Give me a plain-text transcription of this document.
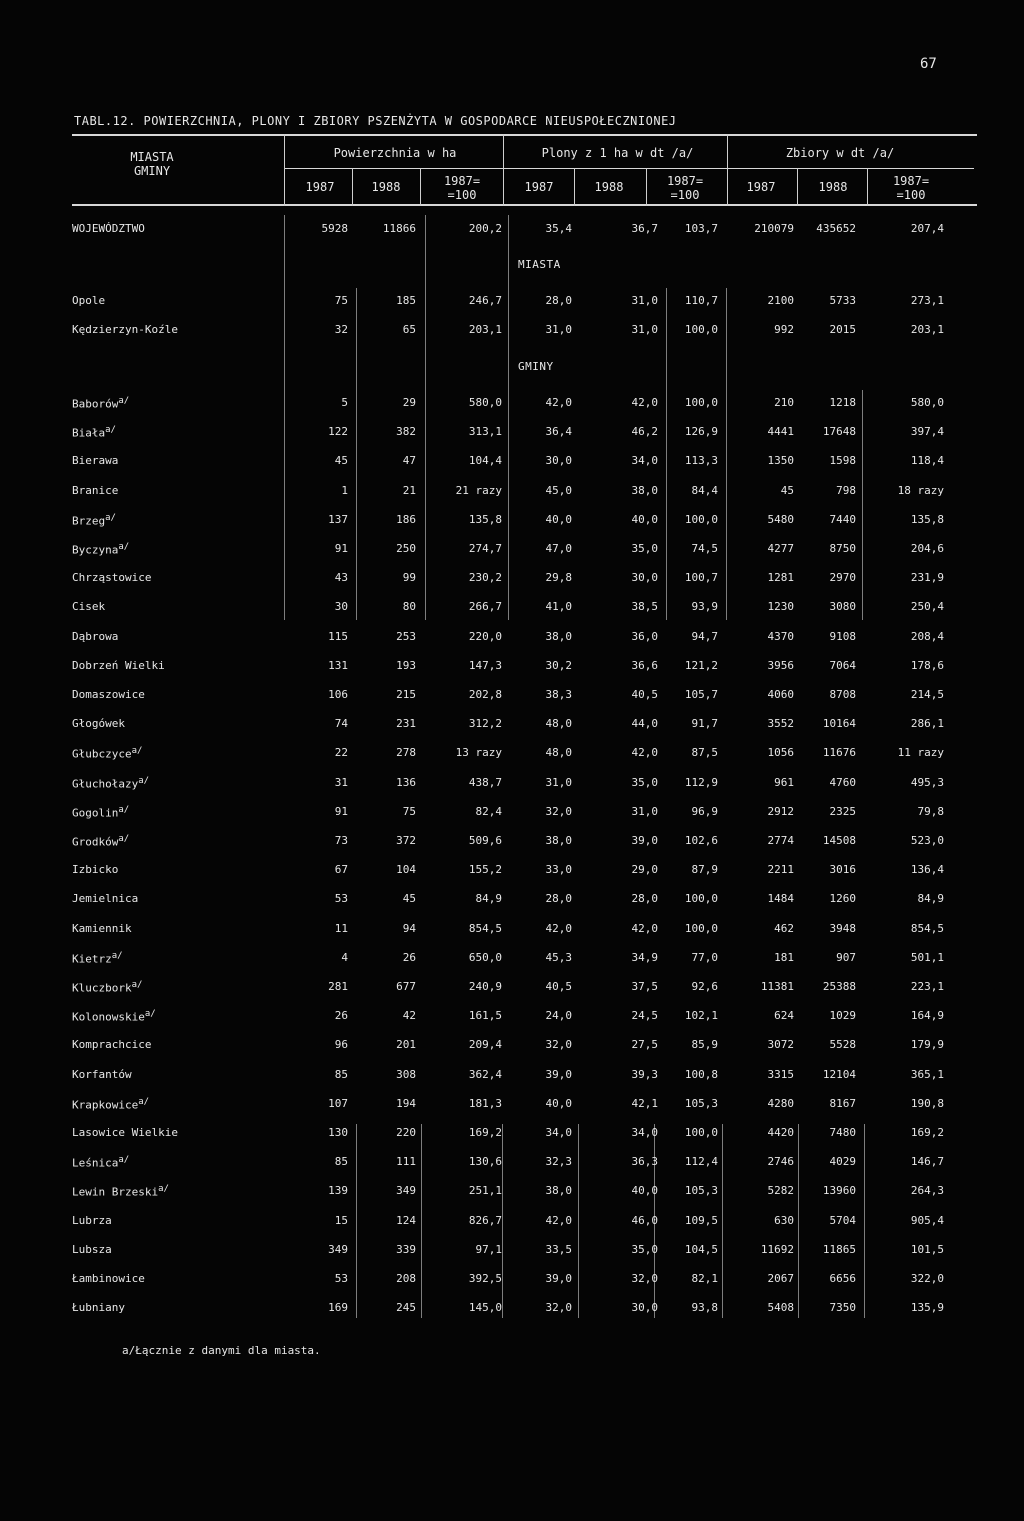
67
TABL.12. POWIERZCHNIA, PLONY I ZBIORY PSZENŻYTA W GOSPODARCE NIEUSPOŁECZNIONEJ
MIASTA
GMINY
Powierzchnia w ha	Plony z 1 ha w dt /a/	Zbiory w dt /a/
1987	1988	1987=
=100
1987	1988	1987=
=100
1987	1988	1987=
=100
WOJEWÓDZTWO	5928	11866	200,2	35,4	36,7	103,7	210079	435652	207,4
MIASTA
Opole	75	185	246,7	28,0	31,0	110,7	2100	5733	273,1
Kędzierzyn-Koźle	32	65	203,1	31,0	31,0	100,0	992	2015	203,1
GMINY
Baborów$^{a/}$	5	29	580,0	42,0	42,0	100,0	210	1218	580,0
Biała$^{a/}$	122	382	313,1	36,4	46,2	126,9	4441	17648	397,4
Bierawa	45	47	104,4	30,0	34,0	113,3	1350	1598	118,4
Branice	1	21	21 razy	45,0	38,0	84,4	45	798	18 razy
Brzeg$^{a/}$	137	186	135,8	40,0	40,0	100,0	5480	7440	135,8
Byczyna$^{a/}$	91	250	274,7	47,0	35,0	74,5	4277	8750	204,6
Chrząstowice	43	99	230,2	29,8	30,0	100,7	1281	2970	231,9
Cisek	30	80	266,7	41,0	38,5	93,9	1230	3080	250,4
Dąbrowa	115	253	220,0	38,0	36,0	94,7	4370	9108	208,4
Dobrzeń Wielki	131	193	147,3	30,2	36,6	121,2	3956	7064	178,6
Domaszowice	106	215	202,8	38,3	40,5	105,7	4060	8708	214,5
Głogówek	74	231	312,2	48,0	44,0	91,7	3552	10164	286,1
Głubczyce$^{a/}$	22	278	13 razy	48,0	42,0	87,5	1056	11676	11 razy
Głuchołazy$^{a/}$	31	136	438,7	31,0	35,0	112,9	961	4760	495,3
Gogolin$^{a/}$	91	75	82,4	32,0	31,0	96,9	2912	2325	79,8
Grodków$^{a/}$	73	372	509,6	38,0	39,0	102,6	2774	14508	523,0
Izbicko	67	104	155,2	33,0	29,0	87,9	2211	3016	136,4
Jemielnica	53	45	84,9	28,0	28,0	100,0	1484	1260	84,9
Kamiennik	11	94	854,5	42,0	42,0	100,0	462	3948	854,5
Kietrz$^{a/}$	4	26	650,0	45,3	34,9	77,0	181	907	501,1
Kluczbork$^{a/}$	281	677	240,9	40,5	37,5	92,6	11381	25388	223,1
Kolonowskie$^{a/}$	26	42	161,5	24,0	24,5	102,1	624	1029	164,9
Komprachcice	96	201	209,4	32,0	27,5	85,9	3072	5528	179,9
Korfantów	85	308	362,4	39,0	39,3	100,8	3315	12104	365,1
Krapkowice$^{a/}$	107	194	181,3	40,0	42,1	105,3	4280	8167	190,8
Lasowice Wielkie	130	220	169,2	34,0	34,0	100,0	4420	7480	169,2
Leśnica$^{a/}$	85	111	130,6	32,3	36,3	112,4	2746	4029	146,7
Lewin Brzeski$^{a/}$	139	349	251,1	38,0	40,0	105,3	5282	13960	264,3
Lubrza	15	124	826,7	42,0	46,0	109,5	630	5704	905,4
Lubsza	349	339	97,1	33,5	35,0	104,5	11692	11865	101,5
Łambinowice	53	208	392,5	39,0	32,0	82,1	2067	6656	322,0
Łubniany	169	245	145,0	32,0	30,0	93,8	5408	7350	135,9
a/Łącznie z danymi dla miasta.
